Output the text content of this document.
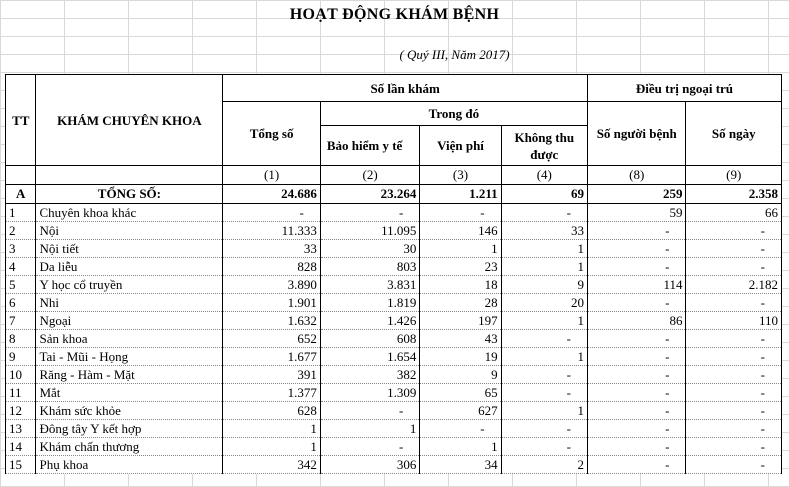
HOẠT ĐỘNG KHÁM BỆNH
( Quý III, Năm 2017)
TT	KHÁM CHUYÊN KHOA	Số lần khám				Điều trị ngoại trú	
		Tổng số	Trong đó			Số người bệnh	Số ngày
			Bảo hiểm y tế	Viện phí	Không thu được		
		(1)	(2)	(3)	(4)	(8)	(9)
A	TỔNG SỐ:	24.686	23.264	1.211	69	259	2.358
1	Chuyên khoa khác	-	-	-	-	59	66
2	Nội	11.333	11.095	146	33	-	-
3	Nội tiết	33	30	1	1	-	-
4	Da liễu	828	803	23	1	-	-
5	Y học cổ truyền	3.890	3.831	18	9	114	2.182
6	Nhi	1.901	1.819	28	20	-	-
7	Ngoại	1.632	1.426	197	1	86	110
8	Sản khoa	652	608	43	-	-	-
9	Tai - Mũi - Họng	1.677	1.654	19	1	-	-
10	Răng - Hàm - Mặt	391	382	9	-	-	-
11	Mắt	1.377	1.309	65	-	-	-
12	Khám sức khỏe	628	-	627	1	-	-
13	Đông tây Y kết hợp	1	1	-	-	-	-
14	Khám chấn thương	1	-	1	-	-	-
15	Phụ khoa	342	306	34	2	-	-
